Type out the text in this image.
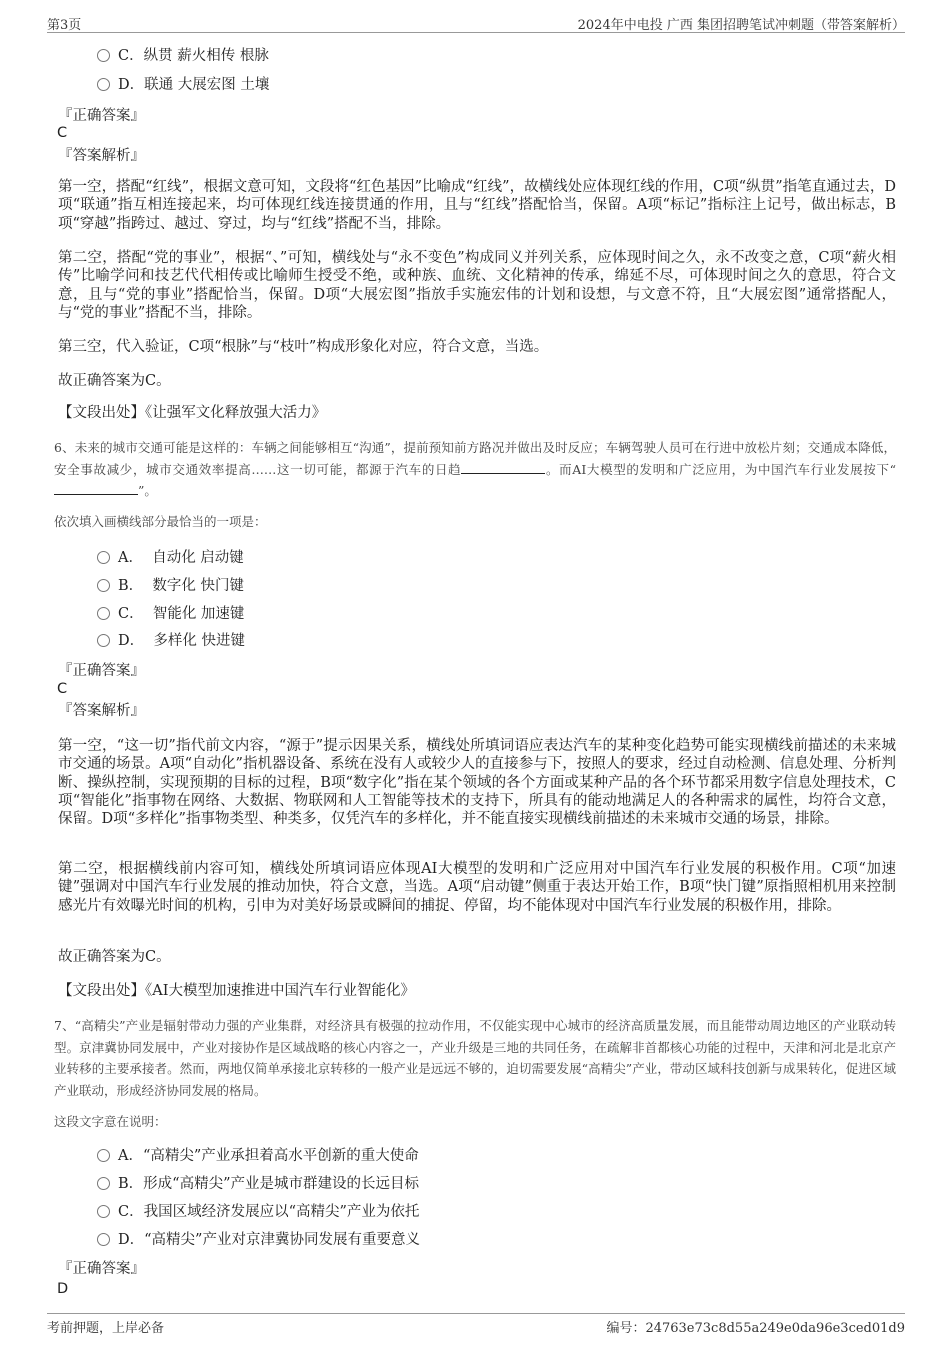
第3页	2024年中电投 广西 集团招聘笔试冲刺题（带答案解析）
C．纵贯 薪火相传 根脉
D．联通 大展宏图 土壤
『正确答案』
C
『答案解析』
第一空，搭配“红线”，根据文意可知，文段将“红色基因”比喻成“红线”，故横线处应体现红线的作用，C项“纵贯”指笔直通过去，D项“联通”指互相连接起来，均可体现红线连接贯通的作用，且与“红线”搭配恰当，保留。A项“标记”指标注上记号，做出标志，B项“穿越”指跨过、越过、穿过，均与“红线”搭配不当，排除。
第二空，搭配“党的事业”，根据“、”可知，横线处与“永不变色”构成同义并列关系，应体现时间之久，永不改变之意，C项“薪火相传”比喻学问和技艺代代相传或比喻师生授受不绝，或种族、血统、文化精神的传承，绵延不尽，可体现时间之久的意思，符合文意，且与“党的事业”搭配恰当，保留。D项“大展宏图”指放手实施宏伟的计划和设想，与文意不符，且“大展宏图”通常搭配人，与“党的事业”搭配不当，排除。
第三空，代入验证，C项“根脉”与“枝叶”构成形象化对应，符合文意，当选。
故正确答案为C。
【文段出处】《让强军文化释放强大活力》
6、未来的城市交通可能是这样的：车辆之间能够相互“沟通”，提前预知前方路况并做出及时反应；车辆驾驶人员可在行进中放松片刻；交通成本降低，安全事故减少，城市交通效率提高……这一切可能，都源于汽车的日趋	。而AI大模型的发明和广泛应用，为中国汽车行业发展按下“”。
依次填入画横线部分最恰当的一项是：
A． 自动化 启动键
B． 数字化 快门键
C． 智能化 加速键
D． 多样化 快进键
『正确答案』
C
『答案解析』
第一空，“这一切”指代前文内容，“源于”提示因果关系，横线处所填词语应表达汽车的某种变化趋势可能实现横线前描述的未来城市交通的场景。A项“自动化”指机器设备、系统在没有人或较少人的直接参与下，按照人的要求，经过自动检测、信息处理、分析判断、操纵控制，实现预期的目标的过程，B项“数字化”指在某个领域的各个方面或某种产品的各个环节都采用数字信息处理技术，C项“智能化”指事物在网络、大数据、物联网和人工智能等技术的支持下，所具有的能动地满足人的各种需求的属性，均符合文意，保留。D项“多样化”指事物类型、种类多，仅凭汽车的多样化，并不能直接实现横线前描述的未来城市交通的场景，排除。
第二空，根据横线前内容可知，横线处所填词语应体现AI大模型的发明和广泛应用对中国汽车行业发展的积极作用。C项“加速键”强调对中国汽车行业发展的推动加快，符合文意，当选。A项“启动键”侧重于表达开始工作，B项“快门键”原指照相机用来控制感光片有效曝光时间的机构，引申为对美好场景或瞬间的捕捉、停留，均不能体现对中国汽车行业发展的积极作用，排除。
故正确答案为C。
【文段出处】《AI大模型加速推进中国汽车行业智能化》
7、“高精尖”产业是辐射带动力强的产业集群，对经济具有极强的拉动作用，不仅能实现中心城市的经济高质量发展，而且能带动周边地区的产业联动转型。京津冀协同发展中，产业对接协作是区域战略的核心内容之一，产业升级是三地的共同任务，在疏解非首都核心功能的过程中，天津和河北是北京产业转移的主要承接者。然而，两地仅简单承接北京转移的一般产业是远远不够的，迫切需要发展“高精尖”产业，带动区域科技创新与成果转化，促进区域产业联动，形成经济协同发展的格局。
这段文字意在说明：
A．“高精尖”产业承担着高水平创新的重大使命
B．形成“高精尖”产业是城市群建设的长远目标
C．我国区域经济发展应以“高精尖”产业为依托
D．“高精尖”产业对京津冀协同发展有重要意义
『正确答案』
D
考前押题，上岸必备	编号：24763e73c8d55a249e0da96e3ced01d9
